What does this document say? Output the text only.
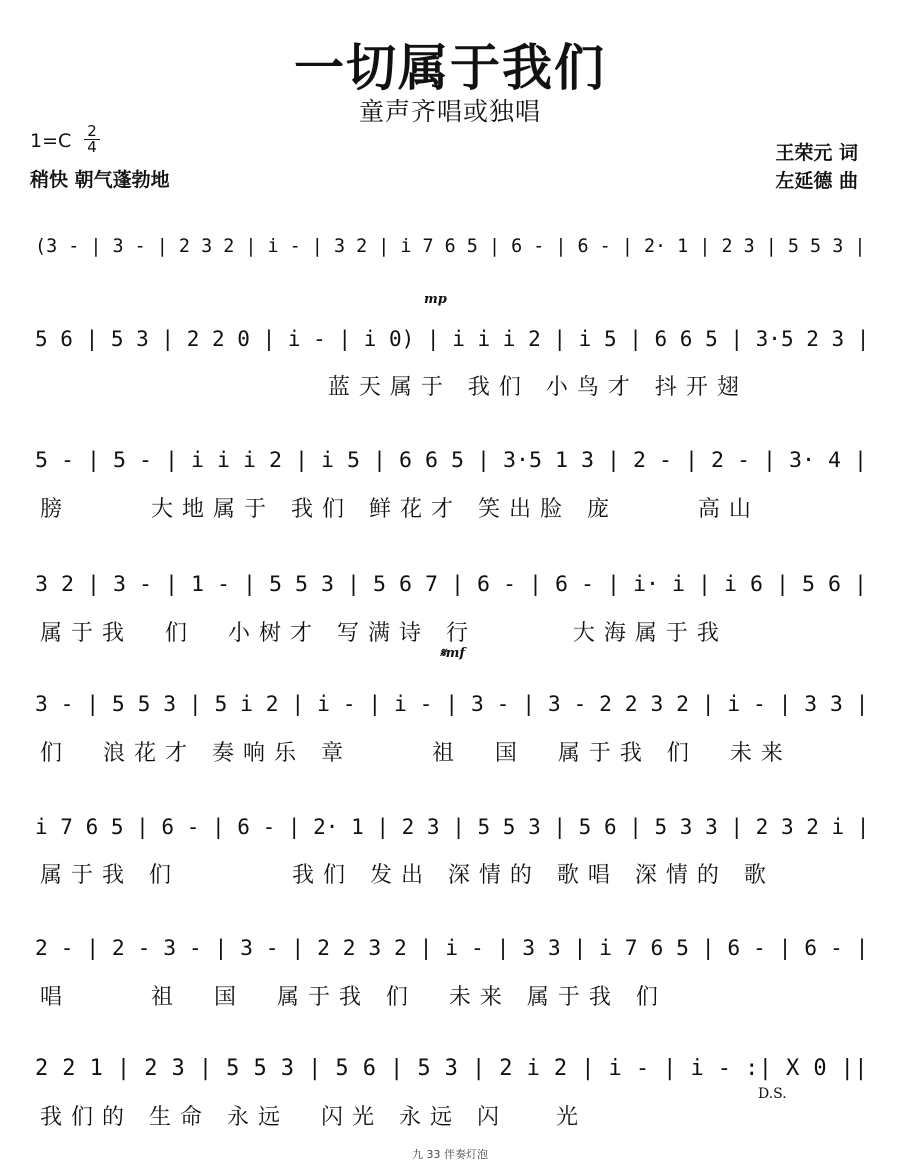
一切属于我们
童声齐唱或独唱
1=C 2
4
稍快 朝气蓬勃地
王荣元 词
左延德 曲
(3 - | 3 - | 2 3 2 | i - | 3 2 | i 7 6 5 | 6 - | 6 - | 2· 1 | 2 3 | 5 5 3 |
mp
5 6 | 5 3 | 2 2 0 | i - | i 0) | i i i 2 | i 5 | 6 6 5 | 3·5 2 3 |
蓝天属于 我们 小鸟才 抖开翅
5 - | 5 - | i i i 2 | i 5 | 6 6 5 | 3·5 1 3 | 2 - | 2 - | 3· 4 |
膀     大地属于 我们 鲜花才 笑出脸 庞     高山
3 2 | 3 - | 1 - | 5 5 3 | 5 6 7 | 6 - | 6 - | i· i | i 6 | 5 6 |
属于我  们  小树才 写满诗 行      大海属于我
𝄋mf
3 - | 5 5 3 | 5 i 2 | i - | i - | 3 - | 3 - 2 2 3 2 | i - | 3 3 |
们  浪花才 奏响乐 章     祖  国  属于我 们  未来
i 7 6 5 | 6 - | 6 - | 2· 1 | 2 3 | 5 5 3 | 5 6 | 5 3 3 | 2 3 2 i |
属于我 们       我们 发出 深情的 歌唱 深情的 歌
2 - | 2 - 3 - | 3 - | 2 2 3 2 | i - | 3 3 | i 7 6 5 | 6 - | 6 - |
唱     祖  国  属于我 们  未来 属于我 们
2 2 1 | 2 3 | 5 5 3 | 5 6 | 5 3 | 2 i 2 | i - | i - :| X 0 ||
我们的 生命 永远  闪光 永远 闪   光
D.S.
九 33 伴奏灯泡
